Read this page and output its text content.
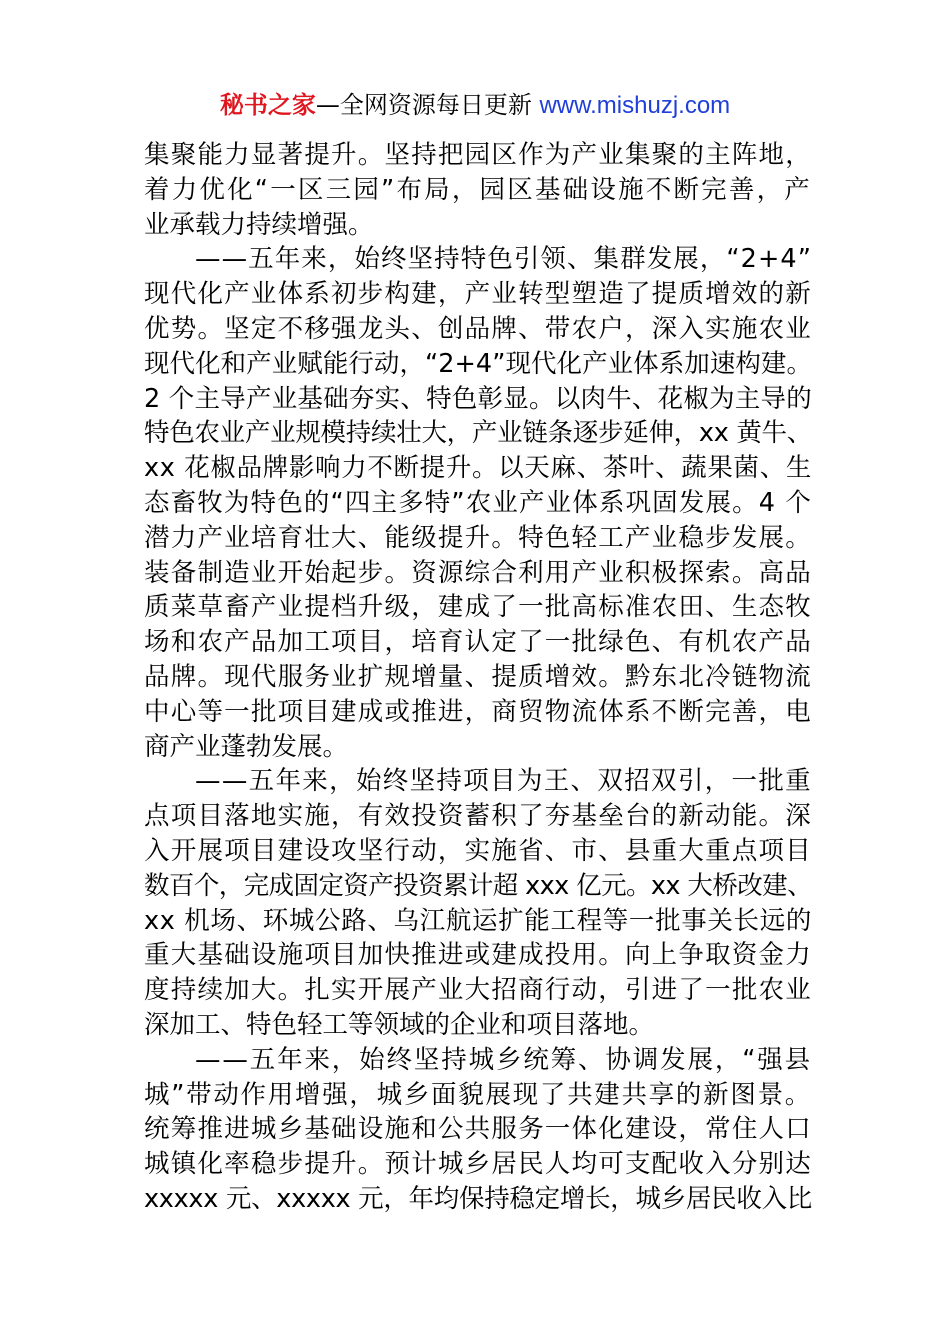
秘书之家—全网资源每日更新 www.mishuzj.com
集聚能力显著提升。坚持把园区作为产业集聚的主阵地，
着力优化“一区三园”布局，园区基础设施不断完善，产
业承载力持续增强。
——五年来，始终坚持特色引领、集群发展，“2+4”
现代化产业体系初步构建，产业转型塑造了提质增效的新
优势。坚定不移强龙头、创品牌、带农户，深入实施农业
现代化和产业赋能行动，“2+4”现代化产业体系加速构建。
2 个主导产业基础夯实、特色彰显。以肉牛、花椒为主导的
特色农业产业规模持续壮大，产业链条逐步延伸，xx 黄牛、
xx 花椒品牌影响力不断提升。以天麻、茶叶、蔬果菌、生
态畜牧为特色的“四主多特”农业产业体系巩固发展。4 个
潜力产业培育壮大、能级提升。特色轻工产业稳步发展。
装备制造业开始起步。资源综合利用产业积极探索。高品
质菜草畜产业提档升级，建成了一批高标准农田、生态牧
场和农产品加工项目，培育认定了一批绿色、有机农产品
品牌。现代服务业扩规增量、提质增效。黔东北冷链物流
中心等一批项目建成或推进，商贸物流体系不断完善，电
商产业蓬勃发展。
——五年来，始终坚持项目为王、双招双引，一批重
点项目落地实施，有效投资蓄积了夯基垒台的新动能。深
入开展项目建设攻坚行动，实施省、市、县重大重点项目
数百个，完成固定资产投资累计超 xxx 亿元。xx 大桥改建、
xx 机场、环城公路、乌江航运扩能工程等一批事关长远的
重大基础设施项目加快推进或建成投用。向上争取资金力
度持续加大。扎实开展产业大招商行动，引进了一批农业
深加工、特色轻工等领域的企业和项目落地。
——五年来，始终坚持城乡统筹、协调发展，“强县
城”带动作用增强，城乡面貌展现了共建共享的新图景。
统筹推进城乡基础设施和公共服务一体化建设，常住人口
城镇化率稳步提升。预计城乡居民人均可支配收入分别达
xxxxx 元、xxxxx 元，年均保持稳定增长，城乡居民收入比
